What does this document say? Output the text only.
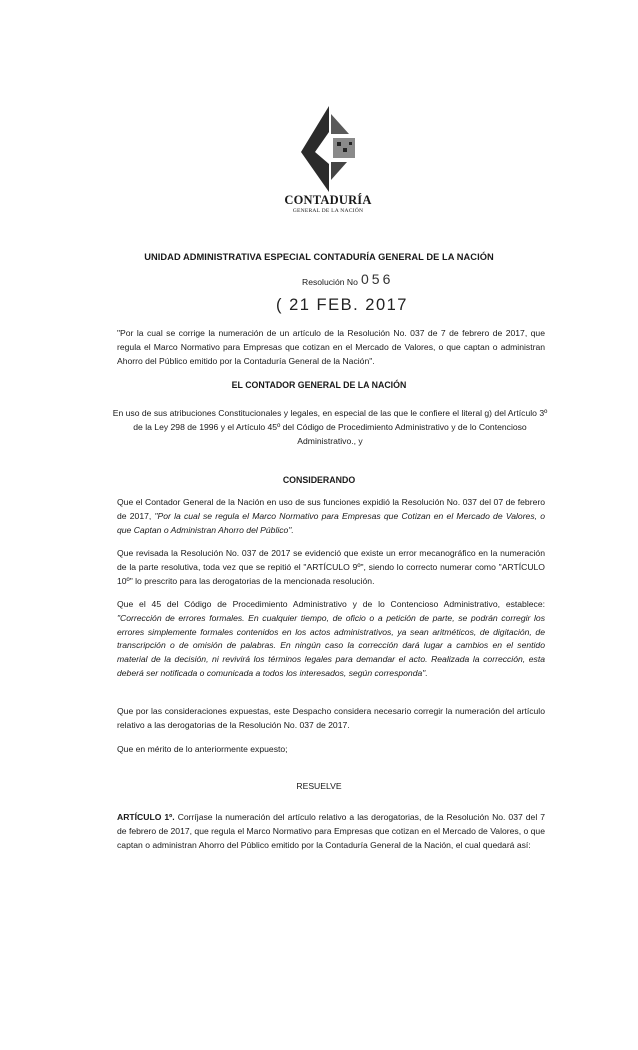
CONTADURÍA
GENERAL DE LA NACIÓN
UNIDAD ADMINISTRATIVA ESPECIAL CONTADURÍA GENERAL DE LA NACIÓN
Resolución No 056
( 21 FEB. 2017

"Por la cual se corrige la numeración de un artículo de la Resolución No. 037 de 7 de febrero de 2017, que regula el Marco Normativo para Empresas que cotizan en el Mercado de Valores, o que captan o administran Ahorro del Público emitido por la Contaduría General de la Nación".

EL CONTADOR GENERAL DE LA NACIÓN

En uso de sus atribuciones Constitucionales y legales, en especial de las que le confiere el literal g) del Artículo 3º de la Ley 298 de 1996 y el Artículo 45º del Código de Procedimiento Administrativo y de lo Contencioso Administrativo., y

CONSIDERANDO

Que el Contador General de la Nación en uso de sus funciones expidió la Resolución No. 037 del 07 de febrero de 2017, "Por la cual se regula el Marco Normativo para Empresas que Cotizan en el Mercado de Valores, o que Captan o Administran Ahorro del Público".

Que revisada la Resolución No. 037 de 2017 se evidenció que existe un error mecanográfico en la numeración de la parte resolutiva, toda vez que se repitió el "ARTÍCULO 9º", siendo lo correcto numerar como "ARTÍCULO 10º" lo prescrito para las derogatorias de la mencionada resolución.

Que el 45 del Código de Procedimiento Administrativo y de lo Contencioso Administrativo, establece: "Corrección de errores formales. En cualquier tiempo, de oficio o a petición de parte, se podrán corregir los errores simplemente formales contenidos en los actos administrativos, ya sean aritméticos, de digitación, de transcripción o de omisión de palabras. En ningún caso la corrección dará lugar a cambios en el sentido material de la decisión, ni revivirá los términos legales para demandar el acto. Realizada la corrección, esta deberá ser notificada o comunicada a todos los interesados, según corresponda".

Que por las consideraciones expuestas, este Despacho considera necesario corregir la numeración del artículo relativo a las derogatorias de la Resolución No. 037 de 2017.

Que en mérito de lo anteriormente expuesto;

RESUELVE

ARTÍCULO 1º. Corríjase la numeración del artículo relativo a las derogatorias, de la Resolución No. 037 del 7 de febrero de 2017, que regula el Marco Normativo para Empresas que cotizan en el Mercado de Valores, o que captan o administran Ahorro del Público emitido por la Contaduría General de la Nación, el cual quedará así:
